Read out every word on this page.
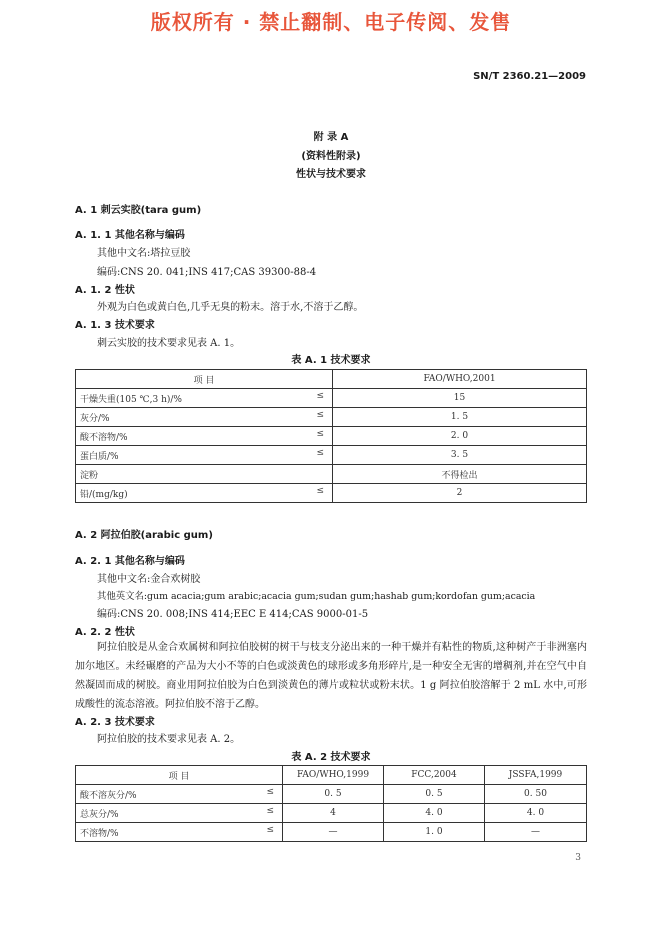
版权所有 · 禁止翻制、电子传阅、发售
SN/T 2360.21—2009
附 录 A
(资料性附录)
性状与技术要求
A. 1 刺云实胶(tara gum)
A. 1. 1 其他名称与编码
其他中文名:塔拉豆胶
编码:CNS 20. 041;INS 417;CAS 39300-88-4
A. 1. 2 性状
外观为白色或黄白色,几乎无臭的粉末。溶于水,不溶于乙醇。
A. 1. 3 技术要求
刺云实胶的技术要求见表 A. 1。
表 A. 1 技术要求
项 目	FAO/WHO,2001
干燥失重(105 ℃,3 h)/% ≤	15
灰分/% ≤	1. 5
酸不溶物/% ≤	2. 0
蛋白质/% ≤	3. 5
淀粉	不得检出
铅/(mg/kg) ≤	2
A. 2 阿拉伯胶(arabic gum)
A. 2. 1 其他名称与编码
其他中文名:金合欢树胶
其他英文名:gum acacia;gum arabic;acacia gum;sudan gum;hashab gum;kordofan gum;acacia
编码:CNS 20. 008;INS 414;EEC E 414;CAS 9000-01-5
A. 2. 2 性状
阿拉伯胶是从金合欢属树和阿拉伯胶树的树干与枝支分泌出来的一种干燥并有粘性的物质,这种树产于非洲塞内加尔地区。未经碾磨的产品为大小不等的白色或淡黄色的球形或多角形碎片,是一种安全无害的增稠剂,并在空气中自然凝固而成的树胶。商业用阿拉伯胶为白色到淡黄色的薄片或粒状或粉末状。1 g 阿拉伯胶溶解于 2 mL 水中,可形成酸性的流态溶液。阿拉伯胶不溶于乙醇。
A. 2. 3 技术要求
阿拉伯胶的技术要求见表 A. 2。
表 A. 2 技术要求
项 目	FAO/WHO,1999	FCC,2004	JSSFA,1999
酸不溶灰分/% ≤	0. 5	0. 5	0. 50
总灰分/% ≤	4	4. 0	4. 0
不溶物/% ≤	—	1. 0	—
3
